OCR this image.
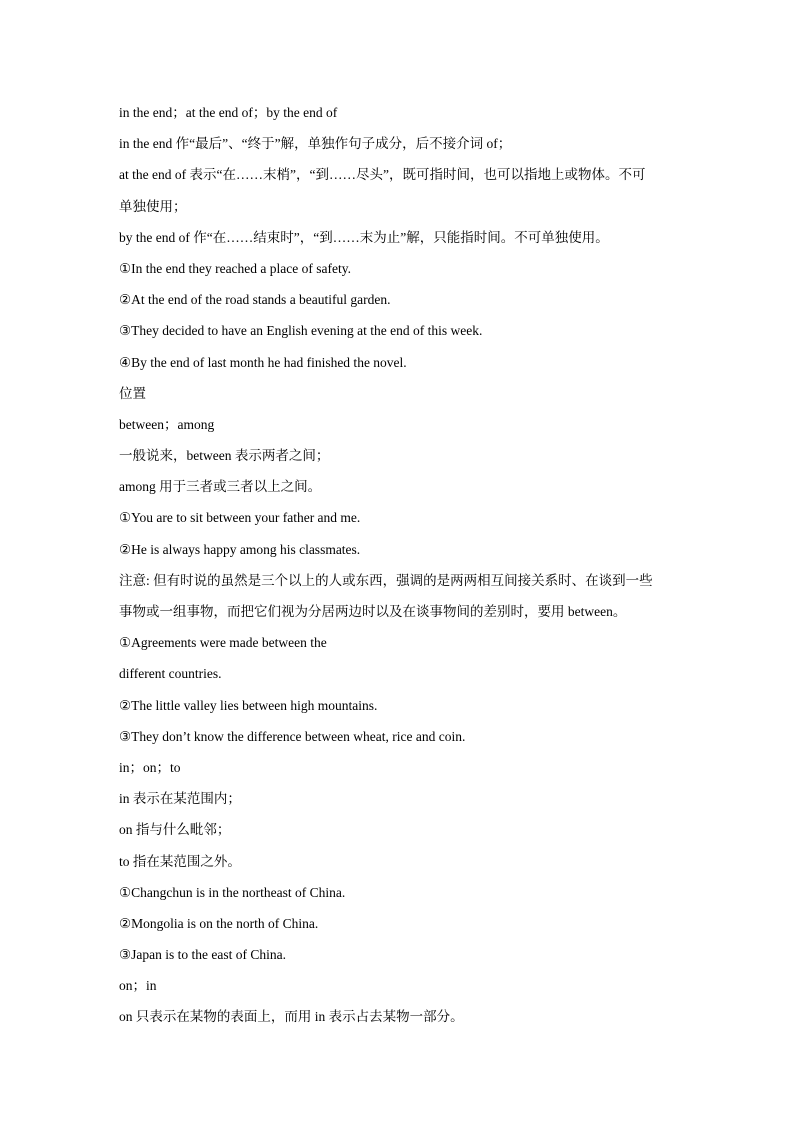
in the end；at the end of；by the end of
in the end 作“最后”、“终于”解，单独作句子成分，后不接介词 of；
at the end of 表示“在……末梢”，“到……尽头”，既可指时间，也可以指地上或物体。不可
单独使用；
by the end of 作“在……结束时”，“到……末为止”解，只能指时间。不可单独使用。
①In the end they reached a place of safety.
②At the end of the road stands a beautiful garden.
③They decided to have an English evening at the end of this week.
④By the end of last month he had finished the novel.
位置
between；among
一般说来，between 表示两者之间；
among 用于三者或三者以上之间。
①You are to sit between your father and me.
②He is always happy among his classmates.
注意: 但有时说的虽然是三个以上的人或东西，强调的是两两相互间接关系时、在谈到一些
事物或一组事物，而把它们视为分居两边时以及在谈事物间的差别时，要用 between。
①Agreements were made between the
different countries.
②The little valley lies between high mountains.
③They don’t know the difference between wheat, rice and coin.
in；on；to
in 表示在某范围内；
on 指与什么毗邻；
to 指在某范围之外。
①Changchun is in the northeast of China.
②Mongolia is on the north of China.
③Japan is to the east of China.
on；in
on 只表示在某物的表面上，而用 in 表示占去某物一部分。
